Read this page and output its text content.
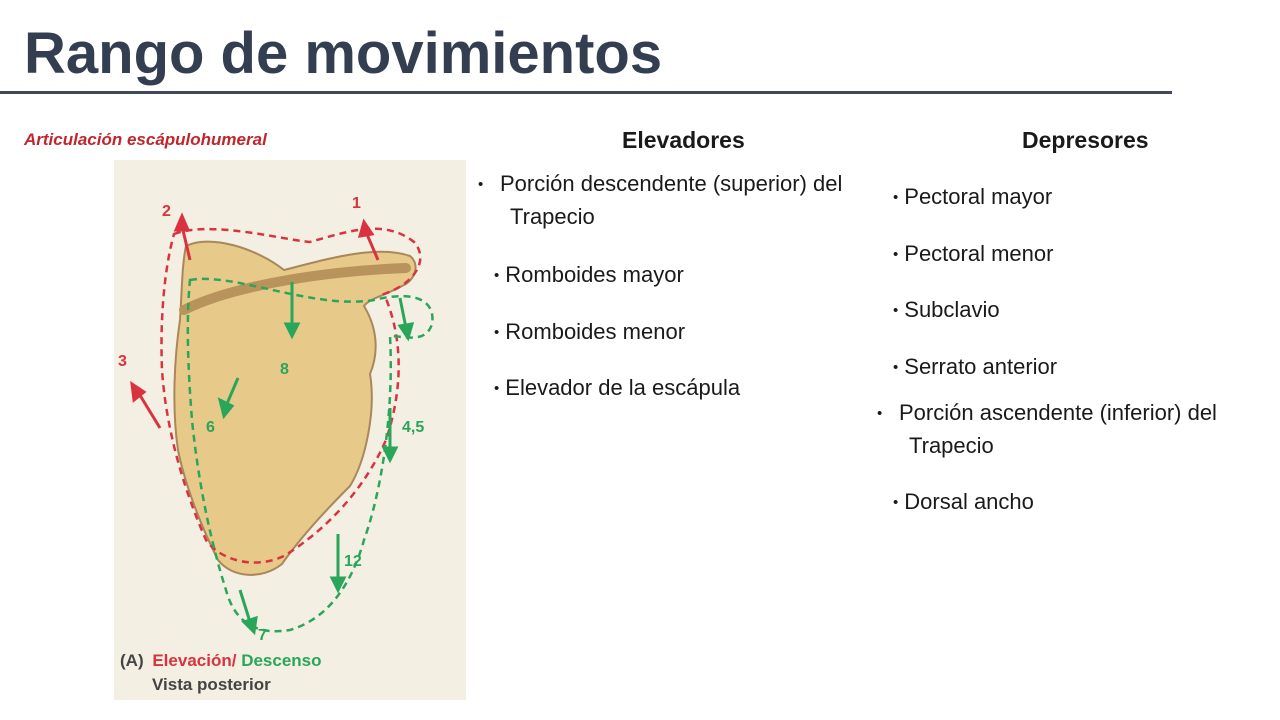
Rango de movimientos
Articulación escápulohumeral
2	1
3	8
6	4,5
12
7
(A) Elevación/ Descenso
Vista posterior
Elevadores
• Porción descendente (superior) del Trapecio
• Romboides mayor
• Romboides menor
• Elevador de la escápula
Depresores
• Pectoral mayor
• Pectoral menor
• Subclavio
• Serrato anterior
• Porción ascendente (inferior) del Trapecio
• Dorsal ancho
